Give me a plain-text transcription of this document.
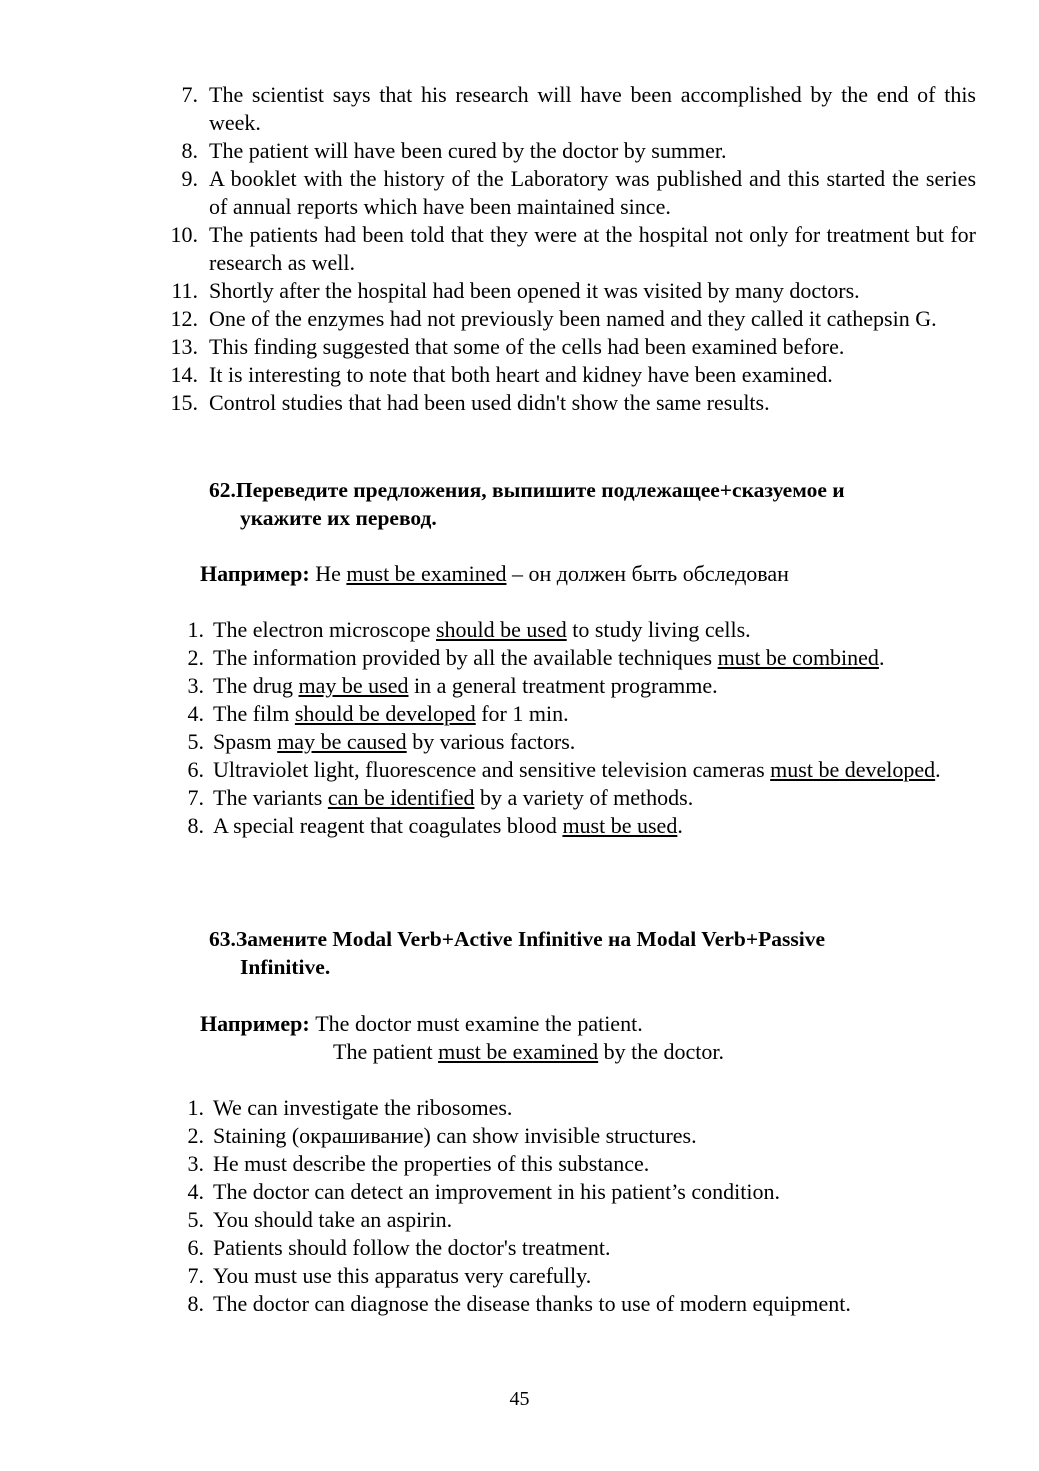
7. The scientist says that his research will have been accomplished by the end of this week.
8. The patient will have been cured by the doctor by summer.
9. A booklet with the history of the Laboratory was published and this started the series of annual reports which have been maintained since.
10. The patients had been told that they were at the hospital not only for treatment but for research as well.
11. Shortly after the hospital had been opened it was visited by many doctors.
12. One of the enzymes had not previously been named and they called it cathepsin G.
13. This finding suggested that some of the cells had been examined before.
14. It is interesting to note that both heart and kidney have been examined.
15. Control studies that had been used didn't show the same results.
62.Переведите предложения, выпишите подлежащее+сказуемое и
укажите их перевод.
Например: He must be examined – он должен быть обследован
1. The electron microscope should be used to study living cells.
2. The information provided by all the available techniques must be combined.
3. The drug may be used in a general treatment programme.
4. The film should be developed for 1 min.
5. Spasm may be caused by various factors.
6. Ultraviolet light, fluorescence and sensitive television cameras must be developed.
7. The variants can be identified by a variety of methods.
8. A special reagent that coagulates blood must be used.
63.Замените Modal Verb+Active Infinitive на Modal Verb+Passive
Infinitive.
Например: The doctor must examine the patient.
The patient must be examined by the doctor.
1. We can investigate the ribosomes.
2. Staining (окрашивание) can show invisible structures.
3. He must describe the properties of this substance.
4. The doctor can detect an improvement in his patient’s condition.
5. You should take an aspirin.
6. Patients should follow the doctor's treatment.
7. You must use this apparatus very carefully.
8. The doctor can diagnose the disease thanks to use of modern equipment.
45
